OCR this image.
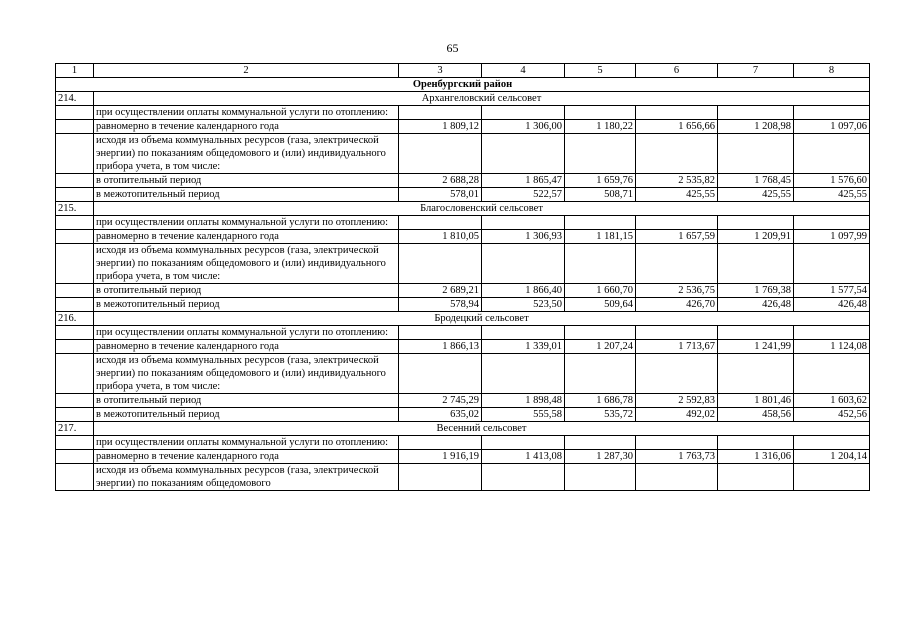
65
1	2	3	4	5	6	7	8
Оренбургский район							
214.	Архангеловский сельсовет						
	при осуществлении оплаты коммунальной услуги по отоплению:						
	равномерно в течение календарного года	1 809,12	1 306,00	1 180,22	1 656,66	1 208,98	1 097,06
	исходя из объема коммунальных ресурсов (газа, электрической энергии) по показаниям общедомового и (или) индивидуального прибора учета, в том числе:						
	в отопительный период	2 688,28	1 865,47	1 659,76	2 535,82	1 768,45	1 576,60
	в межотопительный период	578,01	522,57	508,71	425,55	425,55	425,55
215.	Благословенский сельсовет						
	при осуществлении оплаты коммунальной услуги по отоплению:						
	равномерно в течение календарного года	1 810,05	1 306,93	1 181,15	1 657,59	1 209,91	1 097,99
	исходя из объема коммунальных ресурсов (газа, электрической энергии) по показаниям общедомового и (или) индивидуального прибора учета, в том числе:						
	в отопительный период	2 689,21	1 866,40	1 660,70	2 536,75	1 769,38	1 577,54
	в межотопительный период	578,94	523,50	509,64	426,70	426,48	426,48
216.	Бродецкий сельсовет						
	при осуществлении оплаты коммунальной услуги по отоплению:						
	равномерно в течение календарного года	1 866,13	1 339,01	1 207,24	1 713,67	1 241,99	1 124,08
	исходя из объема коммунальных ресурсов (газа, электрической энергии) по показаниям общедомового и (или) индивидуального прибора учета, в том числе:						
	в отопительный период	2 745,29	1 898,48	1 686,78	2 592,83	1 801,46	1 603,62
	в межотопительный период	635,02	555,58	535,72	492,02	458,56	452,56
217.	Весенний сельсовет						
	при осуществлении оплаты коммунальной услуги по отоплению:						
	равномерно в течение календарного года	1 916,19	1 413,08	1 287,30	1 763,73	1 316,06	1 204,14
	исходя из объема коммунальных ресурсов (газа, электрической энергии) по показаниям общедомового						
